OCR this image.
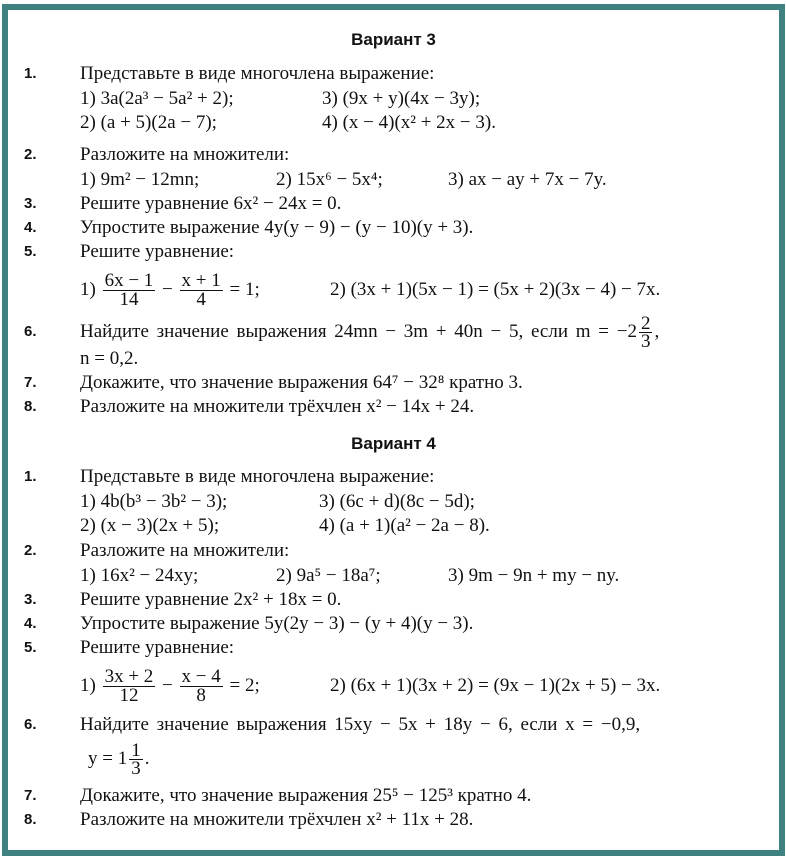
Вариант 3
1. Представьте в виде многочлена выражение:
1) 3a(2a³ − 5a² + 2);	3) (9x + y)(4x − 3y);
2) (a + 5)(2a − 7);	4) (x − 4)(x² + 2x − 3).
2. Разложите на множители:
1) 9m² − 12mn;	2) 15x⁶ − 5x⁴;	3) ax − ay + 7x − 7y.
3. Решите уравнение 6x² − 24x = 0.
4. Упростите выражение 4y(y − 9) − (y − 10)(y + 3).
5. Решите уравнение:
$1) \frac{6x - 1}{14} - \frac{x + 1}{4} = 1$;	2) (3x + 1)(5x − 1) = (5x + 2)(3x − 4) − 7x.
6. Найдите значение выражения 24mn − 3m + 40n − 5, если $m = -2 \frac{2}{3}$ ,
n = 0,2.
7. Докажите, что значение выражения 64⁷ − 32⁸ кратно 3.
8. Разложите на множители трёхчлен x² − 14x + 24.
Вариант 4
1. Представьте в виде многочлена выражение:
1) 4b(b³ − 3b² − 3);	3) (6c + d)(8c − 5d);
2) (x − 3)(2x + 5);	4) (a + 1)(a² − 2a − 8).
2. Разложите на множители:
1) 16x² − 24xy;	2) 9a⁵ − 18a⁷;	3) 9m − 9n + my − ny.
3. Решите уравнение 2x² + 18x = 0.
4. Упростите выражение 5y(2y − 3) − (y + 4)(y − 3).
5. Решите уравнение:
$1) \frac{3x + 2}{12} - \frac{x - 4}{8} = 2$;	2) (6x + 1)(3x + 2) = (9x − 1)(2x + 5) − 3x.
6. Найдите значение выражения 15xy − 5x + 18y − 6, если x = −0,9,
$y = 1 \frac{1}{3}$ .
7. Докажите, что значение выражения 25⁵ − 125³ кратно 4.
8. Разложите на множители трёхчлен x² + 11x + 28.
